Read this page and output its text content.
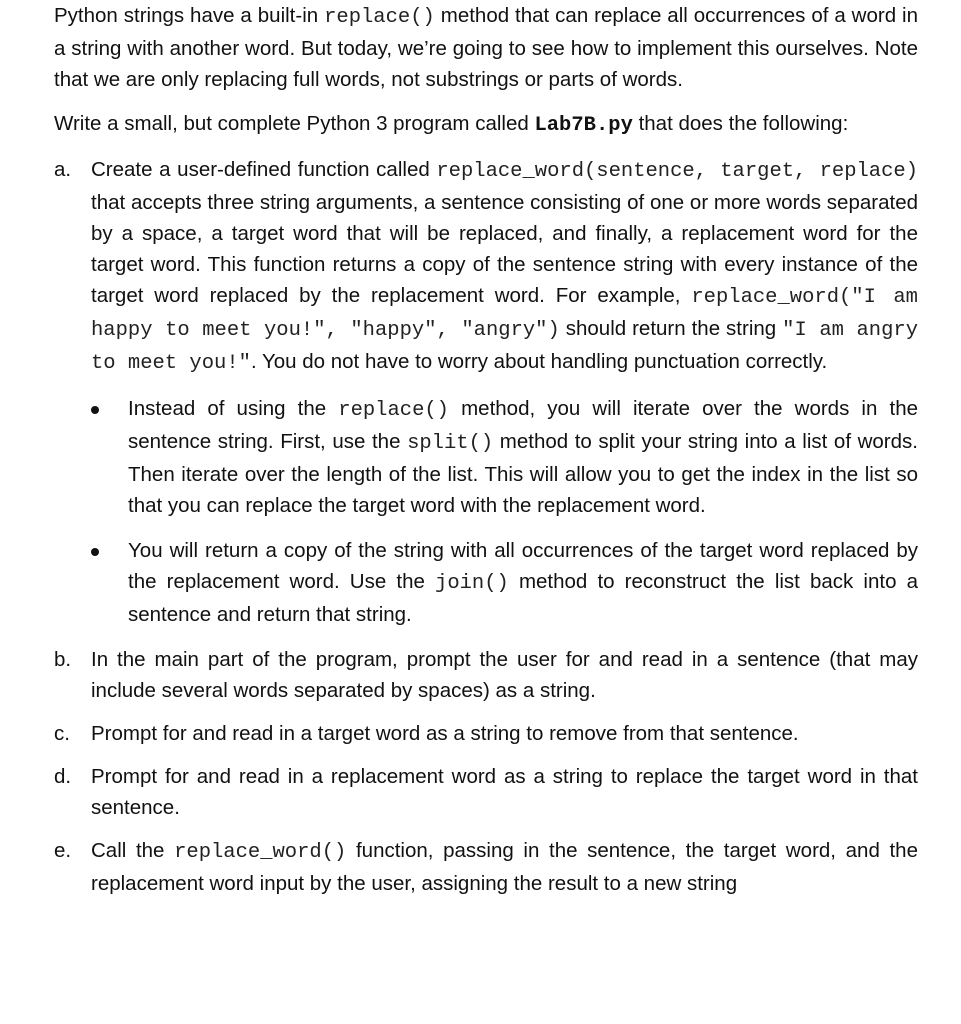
Python strings have a built-in replace() method that can replace all occurrences of a word in a string with another word. But today, we’re going to see how to implement this ourselves. Note that we are only replacing full words, not substrings or parts of words.

Write a small, but complete Python 3 program called Lab7B.py that does the following:

a. Create a user-defined function called replace_word(sentence, target, replace) that accepts three string arguments, a sentence consisting of one or more words separated by a space, a target word that will be replaced, and finally, a replacement word for the target word. This function returns a copy of the sentence string with every instance of the target word replaced by the replacement word. For example, replace_word("I am happy to meet you!", "happy", "angry") should return the string "I am angry to meet you!". You do not have to worry about handling punctuation correctly.
Instead of using the replace() method, you will iterate over the words in the sentence string. First, use the split() method to split your string into a list of words. Then iterate over the length of the list. This will allow you to get the index in the list so that you can replace the target word with the replacement word.
You will return a copy of the string with all occurrences of the target word replaced by the replacement word. Use the join() method to reconstruct the list back into a sentence and return that string.
b. In the main part of the program, prompt the user for and read in a sentence (that may include several words separated by spaces) as a string.
c. Prompt for and read in a target word as a string to remove from that sentence.
d. Prompt for and read in a replacement word as a string to replace the target word in that sentence.
e. Call the replace_word() function, passing in the sentence, the target word, and the replacement word input by the user, assigning the result to a new string
